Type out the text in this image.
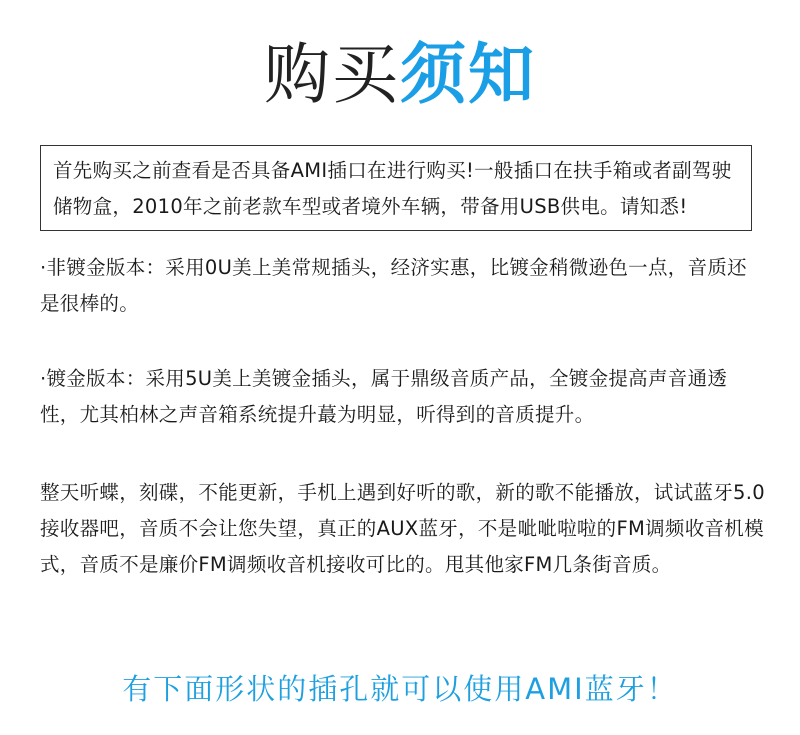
购买须知
首先购买之前查看是否具备AMI插口在进行购买!一般插口在扶手箱或者副驾驶储物盒，2010年之前老款车型或者境外车辆，带备用USB供电。请知悉!
·非镀金版本：采用0U美上美常规插头，经济实惠，比镀金稍微逊色一点，音质还是很棒的。
·镀金版本：采用5U美上美镀金插头，属于鼎级音质产品，全镀金提高声音通透性，尤其柏林之声音箱系统提升蕞为明显，听得到的音质提升。
整天听蝶，刻碟，不能更新，手机上遇到好听的歌，新的歌不能播放，试试蓝牙5.0接收器吧，音质不会让您失望，真正的AUX蓝牙，不是呲呲啦啦的FM调频收音机模式，音质不是廉价FM调频收音机接收可比的。甩其他家FM几条街音质。
有下面形状的插孔就可以使用AMI蓝牙！
